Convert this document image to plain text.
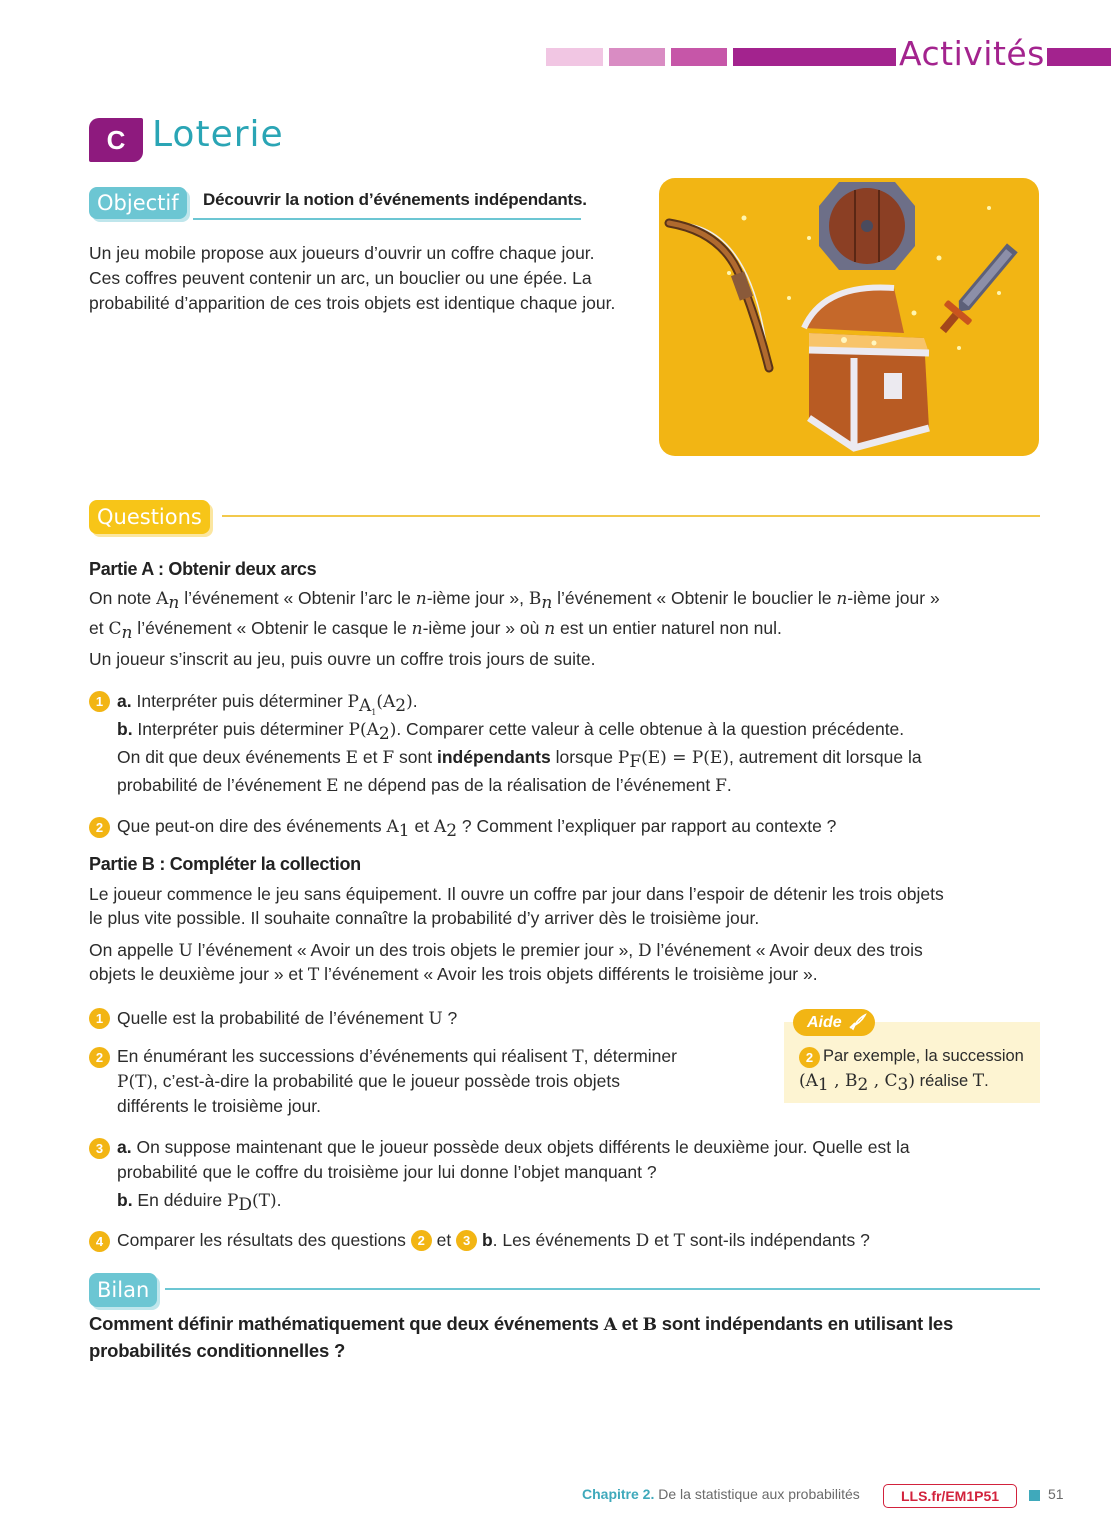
Activités
C Loterie
Objectif	Découvrir la notion d’événements indépendants.
Un jeu mobile propose aux joueurs d’ouvrir un coffre chaque jour. Ces coffres peuvent contenir un arc, un bouclier ou une épée. La probabilité d’apparition de ces trois objets est identique chaque jour.
Questions
Partie A : Obtenir deux arcs
On note $A_n$ l’événement « Obtenir l’arc le n-ième jour », $B_n$ l’événement « Obtenir le bouclier le n-ième jour »
et $C_n$ l’événement « Obtenir le casque le n-ième jour » où n est un entier naturel non nul.
Un joueur s’inscrit au jeu, puis ouvre un coffre trois jours de suite.
1 a. Interpréter puis déterminer $P_{A_1}(A_2)$.
b. Interpréter puis déterminer $P(A_2)$. Comparer cette valeur à celle obtenue à la question précédente.
On dit que deux événements E et F sont indépendants lorsque $P_F(E) = P(E)$, autrement dit lorsque la
probabilité de l’événement E ne dépend pas de la réalisation de l’événement F.
2 Que peut-on dire des événements $A_1$ et $A_2$ ? Comment l’expliquer par rapport au contexte ?
Partie B : Compléter la collection
Le joueur commence le jeu sans équipement. Il ouvre un coffre par jour dans l’espoir de détenir les trois objets
le plus vite possible. Il souhaite connaître la probabilité d’y arriver dès le troisième jour.
On appelle U l’événement « Avoir un des trois objets le premier jour », D l’événement « Avoir deux des trois
objets le deuxième jour » et T l’événement « Avoir les trois objets différents le troisième jour ».
1 Quelle est la probabilité de l’événement U ?
2 En énumérant les successions d’événements qui réalisent T, déterminer
P(T), c’est-à-dire la probabilité que le joueur possède trois objets
différents le troisième jour.
Aide
2 Par exemple, la succession
($A_1$ , $B_2$ , $C_3$) réalise T.
3 a. On suppose maintenant que le joueur possède deux objets différents le deuxième jour. Quelle est la
probabilité que le coffre du troisième jour lui donne l’objet manquant ?
b. En déduire $P_D(T)$.
4 Comparer les résultats des questions 2 et 3 b. Les événements D et T sont-ils indépendants ?
Bilan
Comment définir mathématiquement que deux événements A et B sont indépendants en utilisant les
probabilités conditionnelles ?
Chapitre 2. De la statistique aux probabilités	LLS.fr/EM1P51	51
